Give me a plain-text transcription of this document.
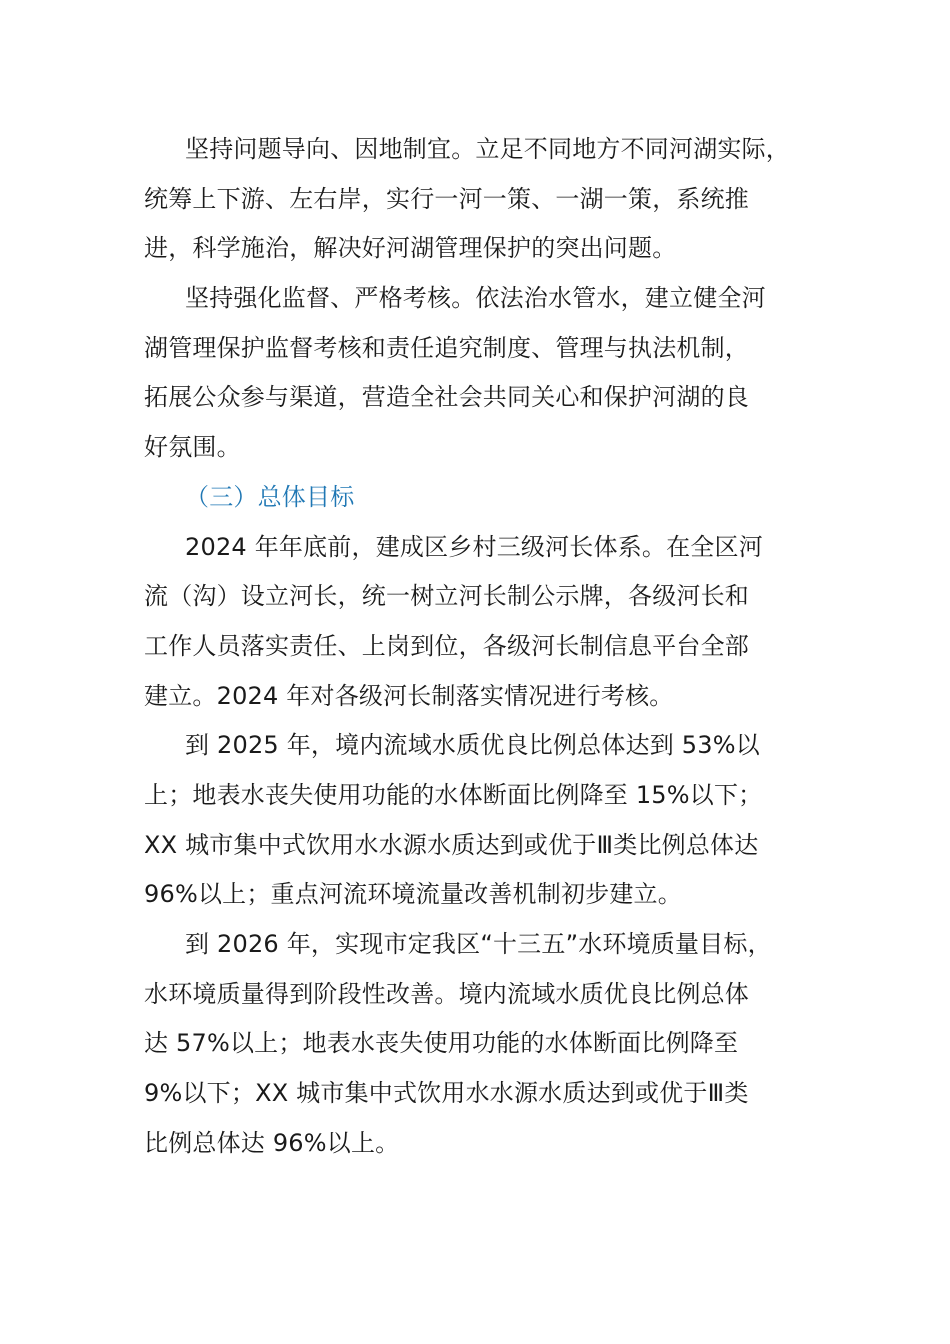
坚持问题导向、因地制宜。立足不同地方不同河湖实际，
统筹上下游、左右岸，实行一河一策、一湖一策，系统推
进，科学施治，解决好河湖管理保护的突出问题。
坚持强化监督、严格考核。依法治水管水，建立健全河
湖管理保护监督考核和责任追究制度、管理与执法机制，
拓展公众参与渠道，营造全社会共同关心和保护河湖的良
好氛围。
（三）总体目标
2024 年年底前，建成区乡村三级河长体系。在全区河
流（沟）设立河长，统一树立河长制公示牌，各级河长和
工作人员落实责任、上岗到位，各级河长制信息平台全部
建立。2024 年对各级河长制落实情况进行考核。
到 2025 年，境内流域水质优良比例总体达到 53%以
上；地表水丧失使用功能的水体断面比例降至 15%以下；
XX 城市集中式饮用水水源水质达到或优于Ⅲ类比例总体达
96%以上；重点河流环境流量改善机制初步建立。
到 2026 年，实现市定我区“十三五”水环境质量目标，
水环境质量得到阶段性改善。境内流域水质优良比例总体
达 57%以上；地表水丧失使用功能的水体断面比例降至
9%以下；XX 城市集中式饮用水水源水质达到或优于Ⅲ类
比例总体达 96%以上。
